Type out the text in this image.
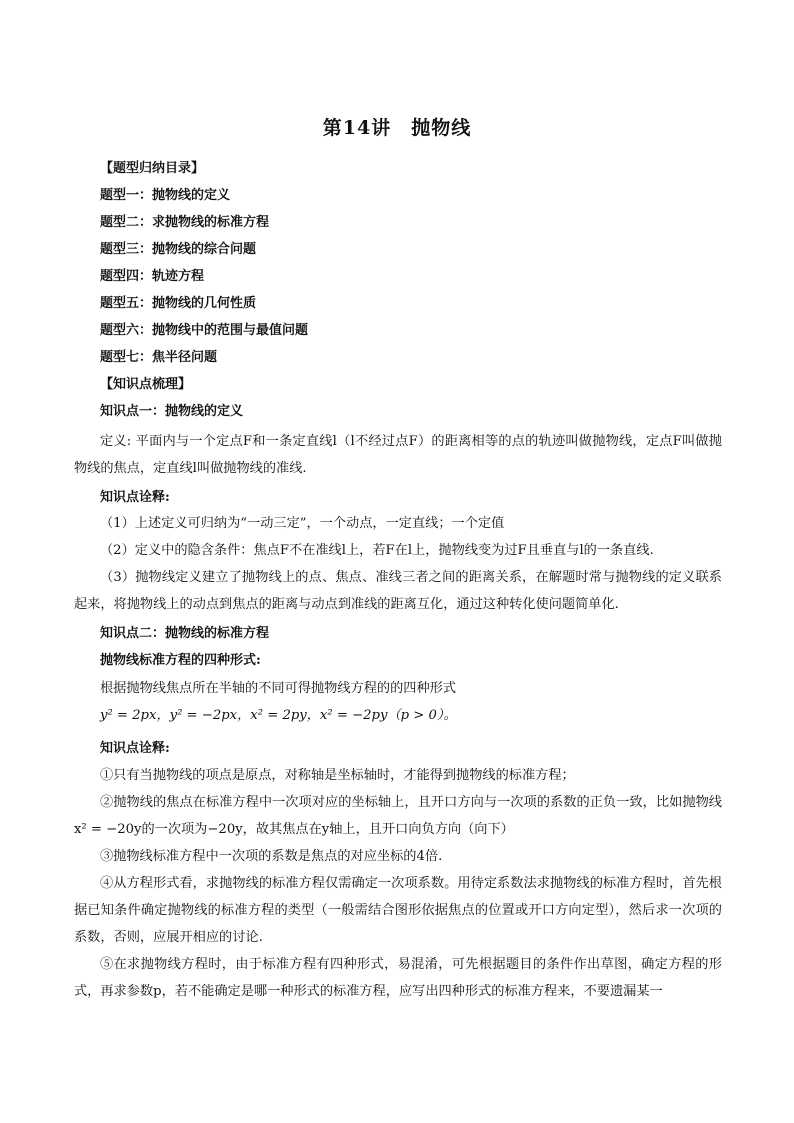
第14讲　抛物线
【题型归纳目录】
题型一：抛物线的定义
题型二：求抛物线的标准方程
题型三：抛物线的综合问题
题型四：轨迹方程
题型五：抛物线的几何性质
题型六：抛物线中的范围与最值问题
题型七：焦半径问题
【知识点梳理】
知识点一：抛物线的定义

定义: 平面内与一个定点F和一条定直线l（l不经过点F）的距离相等的点的轨迹叫做抛物线，定点F叫做抛物线的焦点，定直线l叫做抛物线的准线.

知识点诠释:

（1）上述定义可归纳为“一动三定”，一个动点，一定直线；一个定值

（2）定义中的隐含条件：焦点F不在准线l上，若F在l上，抛物线变为过F且垂直与l的一条直线.

（3）抛物线定义建立了抛物线上的点、焦点、准线三者之间的距离关系，在解题时常与抛物线的定义联系起来，将抛物线上的动点到焦点的距离与动点到准线的距离互化，通过这种转化使问题简单化.

知识点二：抛物线的标准方程
抛物线标准方程的四种形式:

根据抛物线焦点所在半轴的不同可得抛物线方程的的四种形式

y² = 2px，y² = −2px，x² = 2py，x² = −2py（p > 0）。

知识点诠释:

①只有当抛物线的项点是原点，对称轴是坐标轴时，才能得到抛物线的标准方程；

②抛物线的焦点在标准方程中一次项对应的坐标轴上，且开口方向与一次项的系数的正负一致，比如抛物线x² = −20y的一次项为−20y，故其焦点在y轴上，且开口向负方向（向下）

③抛物线标准方程中一次项的系数是焦点的对应坐标的4倍.

④从方程形式看，求抛物线的标准方程仅需确定一次项系数。用待定系数法求抛物线的标准方程时，首先根据已知条件确定抛物线的标准方程的类型（一般需结合图形依据焦点的位置或开口方向定型），然后求一次项的系数，否则，应展开相应的讨论.

⑤在求抛物线方程时，由于标准方程有四种形式，易混淆，可先根据题目的条件作出草图，确定方程的形式，再求参数p，若不能确定是哪一种形式的标准方程，应写出四种形式的标准方程来，不要遗漏某一
